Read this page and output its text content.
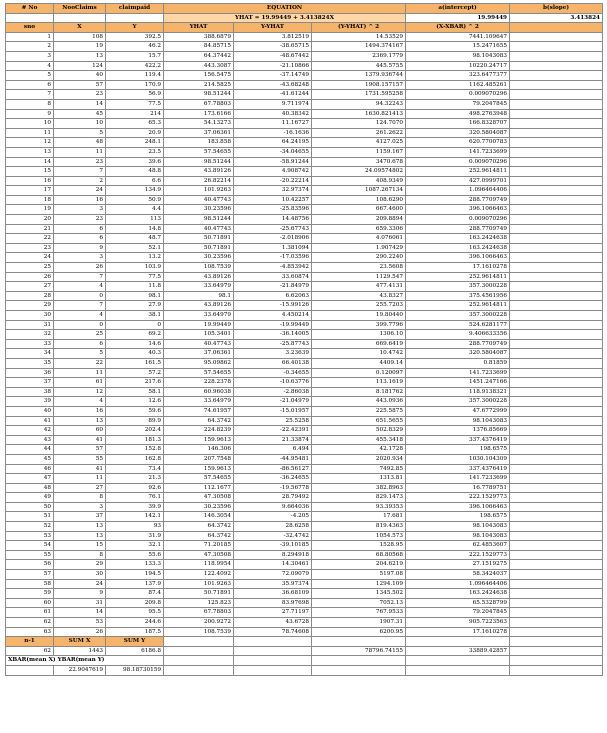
# No	NooClaims	claimpaid	EQUATION			a(intercept)	b(slope)
			YHAT = 19.99449 + 3.413824X			19.99449	3.413824
sno	X	Y	YHAT	Y-YHAT	(Y-YHAT) ^ 2	(X-XBAR) ^ 2	
1	108	392.5	388.6879	3.812519	14.53529	7441.109647	
2	19	46.2	84.85715	-38.65715	1494.374167	15.2471655	
3	13	15.7	64.37442	-48.67442	2369.1779	98.1043083	
4	124	422.2	443.3087	-21.10866	445.5755	10220.24717	
5	40	119.4	156.5475	-37.14749	1379.936744	323.6477377	
6	57	170.9	214.5825	-43.68248	1908.157157	1162.485261	
7	23	56.9	98.51244	-41.61244	1731.595258	0.009070296	
8	14	77.5	67.78803	9.711974	94.32243	79.2047845	
9	45	214	173.6166	40.38342	1630.821413	498.2763948	
10	10	65.3	54.13273	11.16727	124.7070	166.8328707	
11	5	20.9	37.06361	-16.1636	261.2622	320.5804087	
12	48	248.1	183.858	64.24195	4127.025	620.7700783	
13	11	23.5	57.54655	-34.04655	1159.167	141.7233699	
14	23	39.6	98.51244	-58.91244	3470.678	0.009070296	
15	7	48.8	43.89126	4.908742	24.09574802	252.9614811	
16	2	6.6	26.82214	-20.22214	408.9349	427.0999701	
17	24	134.9	101.9263	32.97374	1087.267134	1.096464406	
18	16	50.9	40.47743	10.42257	108.6290	288.7709749	
19	3	4.4	30.23596	-25.83596	667.4600	396.1066463	
20	23	113	98.51244	14.48756	209.8894	0.009070296	
21	6	14.8	40.47743	-25.67743	659.3306	288.7709749	
22	6	48.7	50.71891	-2.018906	4.076061	163.2424638	
23	9	52.1	50.71891	1.381094	1.907429	163.2424638	
24	3	13.2	30.23596	-17.03596	290.2240	396.1066463	
25	26	103.9	108.7539	-4.853942	23.5608	17.1610278	
26	7	77.5	43.89126	33.60874	1129.547	252.9614811	
27	4	11.8	33.64979	-21.84979	477.4131	357.3000228	
28	0	98.1	98.1	6.62063	43.8327	375.4561956	
29	7	27.9	43.89126	-15.99126	255.7203	252.9614811	
30	4	38.1	33.64979	4.450214	19.80440	357.3000228	
31	0	0	19.99449	-19.99449	399.7796	524.6281177	
32	25	69.2	105.3401	-36.14005	1306.10	9.406633356	
33	6	14.6	40.47743	-25.87743	669.6419	288.7709749	
34	5	40.3	37.06361	3.23639	10.4742	320.5804087	
35	22	161.5	95.09862	66.40138	4409.14	0.81859	
36	11	57.2	57.54655	-0.34655	0.120097	141.7233699	
37	61	217.6	228.2378	-10.63776	113.1619	1451.247166	
38	12	58.1	60.96038	-2.86038	8.181762	118.9138321	
39	4	12.6	33.64979	-21.04979	443.0936	357.3000228	
40	16	59.6	74.61957	-15.01957	225.5875	47.6772999	
41	13	89.9	64.3742	25.5258	651.5655	98.1043083	
42	60	202.4	224.8239	-22.42391	502.8329	1376.85669	
43	41	181.3	159.9613	21.33874	455.3418	337.4376419	
44	57	152.8	146.306	6.494	42.1728	198.6575	
45	55	162.8	207.7548	-44.95481	2020.934	1030.104309	
46	41	73.4	159.9613	-86.56127	7492.85	337.4376419	
47	11	21.3	57.54655	-36.24655	1313.81	141.7233699	
48	27	92.6	112.1677	-19.56778	382.8963	16.7789751	
49	8	76.1	47.30508	28.79492	829.1473	222.1529773	
50	3	39.9	30.23596	9.664036	93.39353	396.1066463	
51	37	142.1	146.3054	-4.205	17.681	198.6575	
52	13	93	64.3742	28.6258	819.4363	98.1043083	
53	13	31.9	64.3742	-32.4742	1054.573	98.1043083	
54	15	32.1	71.20185	-39.10185	1528.95	62.4853607	
55	8	55.6	47.30508	8.294918	68.80568	222.1529773	
56	29	133.3	118.9954	14.30461	204.6219	27.1519275	
57	30	194.5	122.4092	72.09079	5197.08	58.3424037	
58	24	137.9	101.9263	35.97374	1294.109	1.096464406	
59	9	87.4	50.71891	36.68109	1345.502	163.2424638	
60	31	209.8	125.823	83.97698	7052.13	65.5328799	
61	14	95.5	67.78803	27.71197	767.9533	79.2047845	
62	53	244.6	200.9272	43.6728	1907.31	905.7223563	
63	26	187.5	108.7539	78.74608	6200.95	17.1610278	
n-1	SUM X	SUM Y					
62	1443	6186.8			78796.74155	33889.42857	
XBAR(mean X) YBAR(mean Y)							
	22.9047619	98.18730159					
